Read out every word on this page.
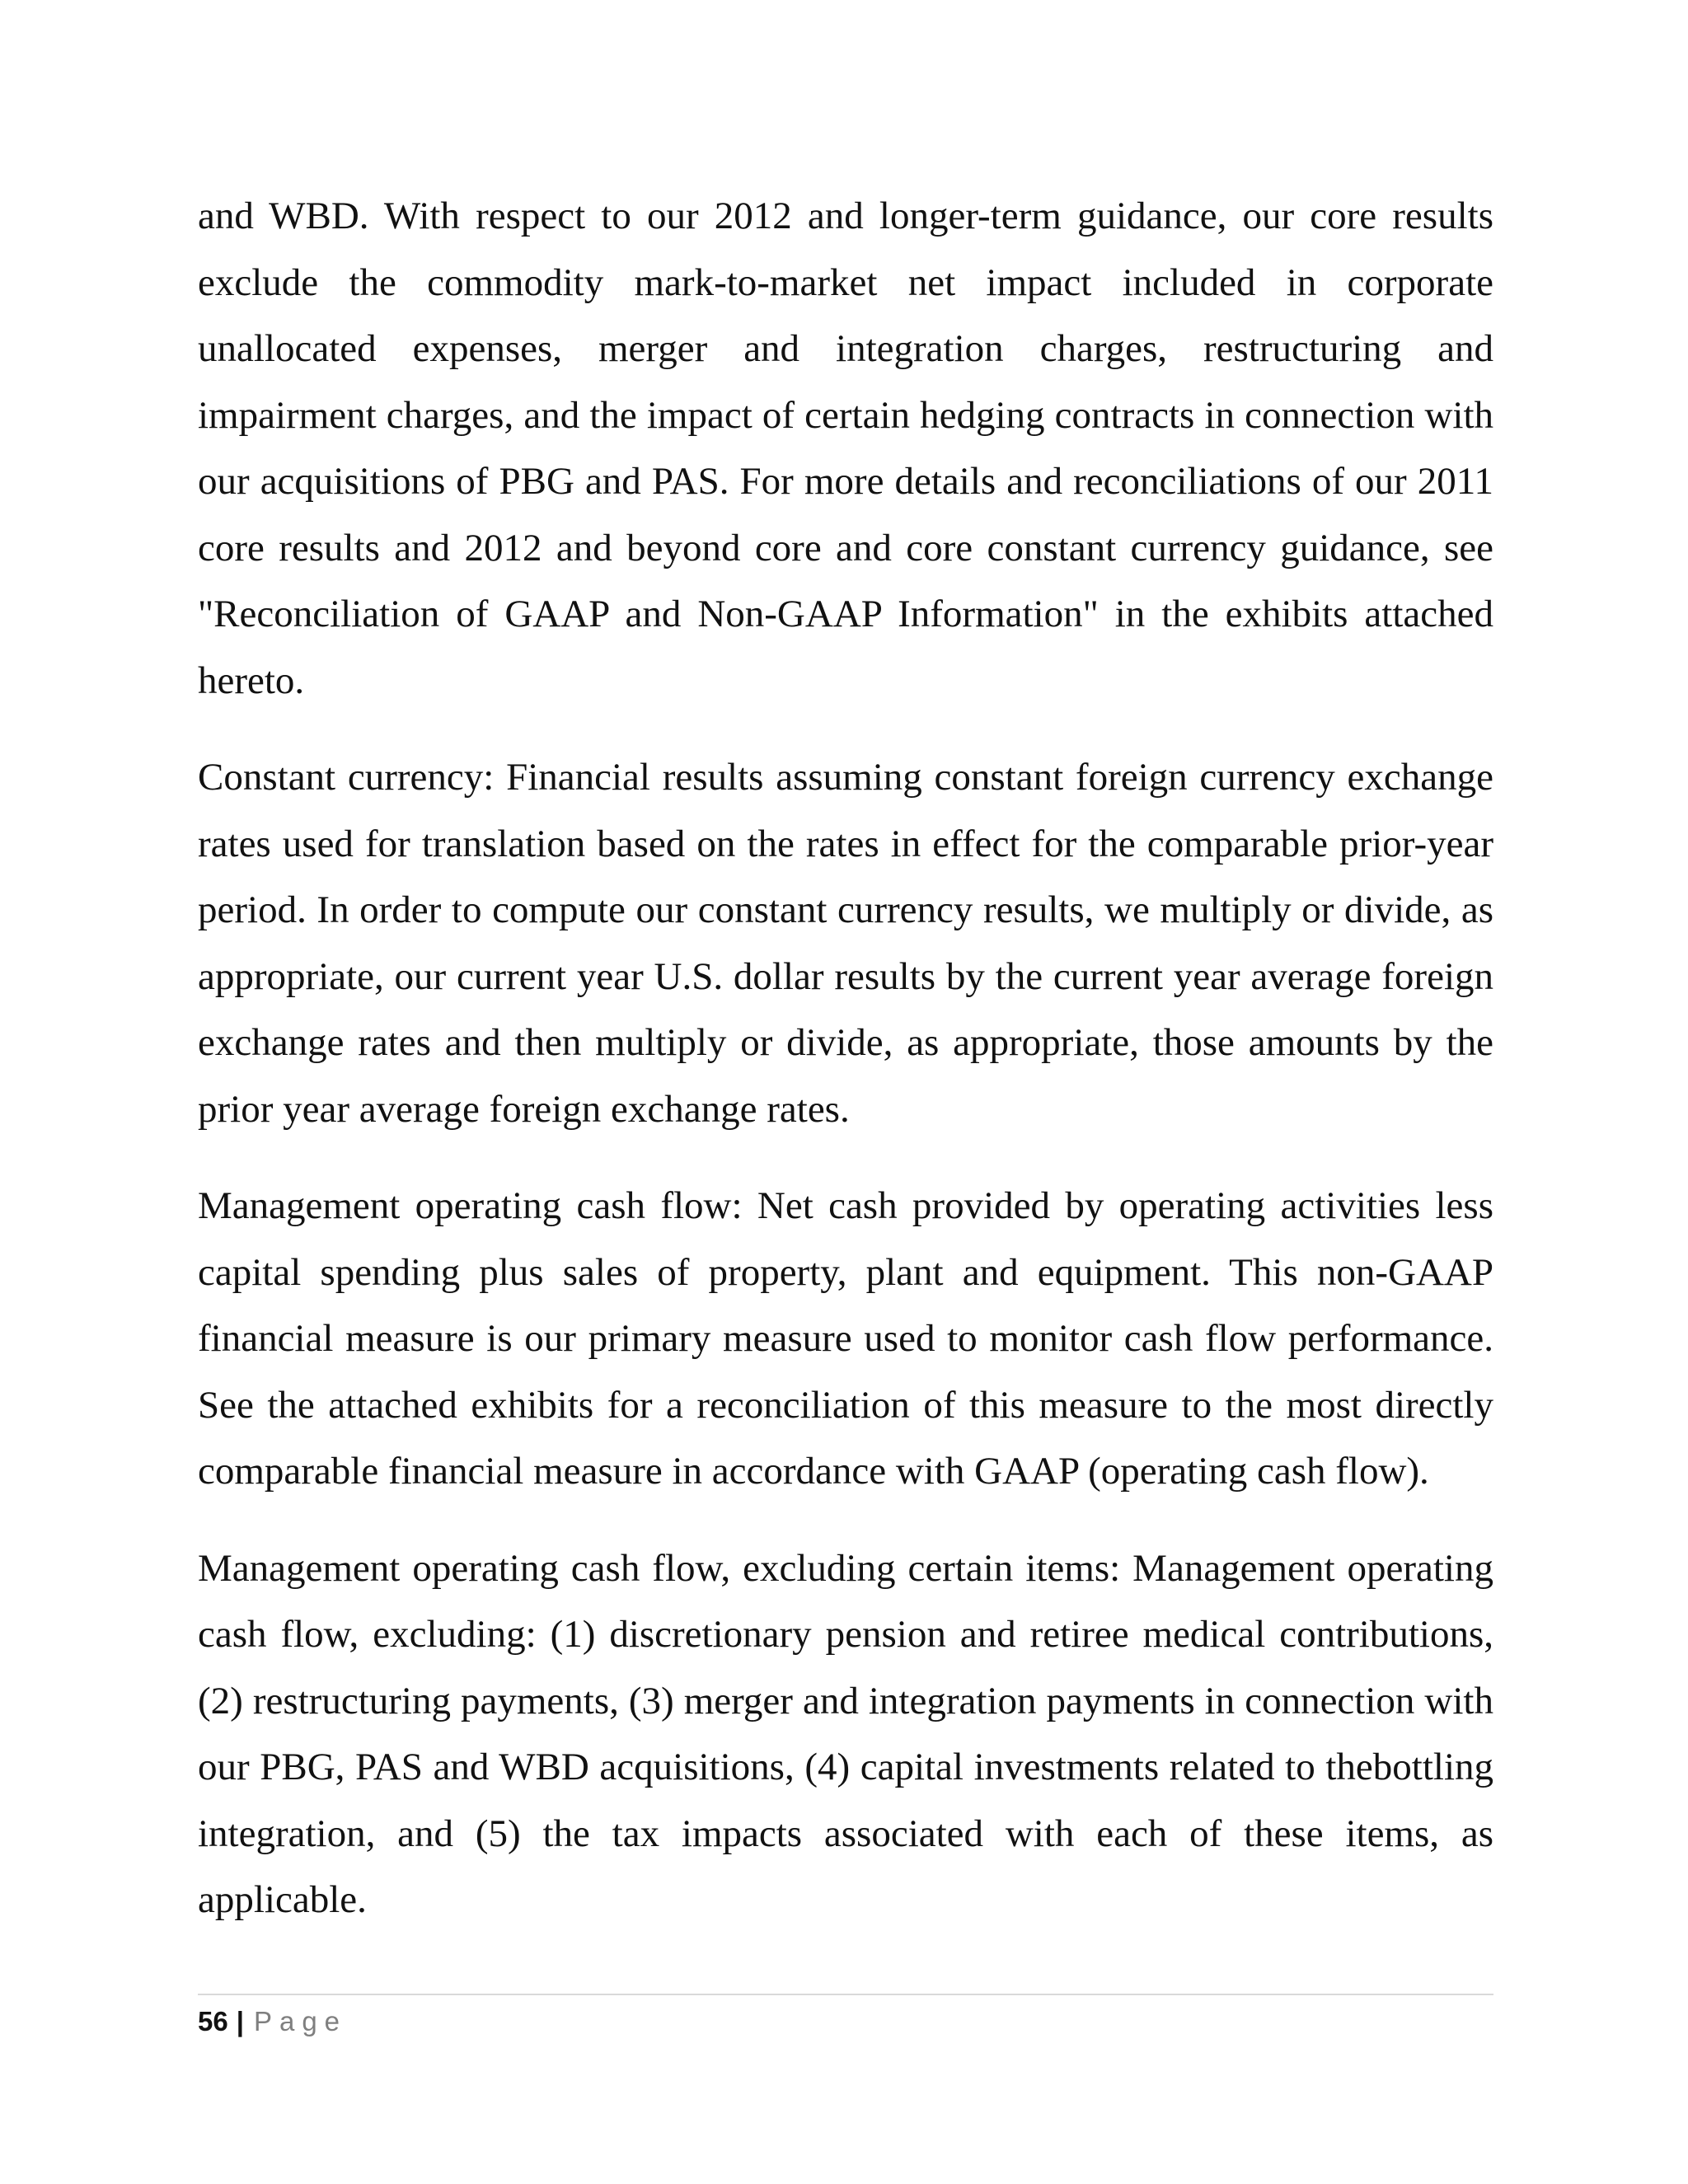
and WBD. With respect to our 2012 and longer-term guidance, our core results exclude the commodity mark-to-market net impact included in corporate unallocated expenses, merger and integration charges, restructuring and impairment charges, and the impact of certain hedging contracts in connection with our acquisitions of PBG and PAS. For more details and reconciliations of our 2011 core results and 2012 and beyond core and core constant currency guidance, see "Reconciliation of GAAP and Non-GAAP Information" in the exhibits attached hereto.

Constant currency: Financial results assuming constant foreign currency exchange rates used for translation based on the rates in effect for the comparable prior-year period. In order to compute our constant currency results, we multiply or divide, as appropriate, our current year U.S. dollar results by the current year average foreign exchange rates and then multiply or divide, as appropriate, those amounts by the prior year average foreign exchange rates.

Management operating cash flow: Net cash provided by operating activities less capital spending plus sales of property, plant and equipment. This non-GAAP financial measure is our primary measure used to monitor cash flow performance. See the attached exhibits for a reconciliation of this measure to the most directly comparable financial measure in accordance with GAAP (operating cash flow).

Management operating cash flow, excluding certain items: Management operating cash flow, excluding: (1) discretionary pension and retiree medical contributions, (2) restructuring payments, (3) merger and integration payments in connection with our PBG, PAS and WBD acquisitions, (4) capital investments related to thebottling integration, and (5) the tax impacts associated with each of these items, as applicable.

56 | Page
